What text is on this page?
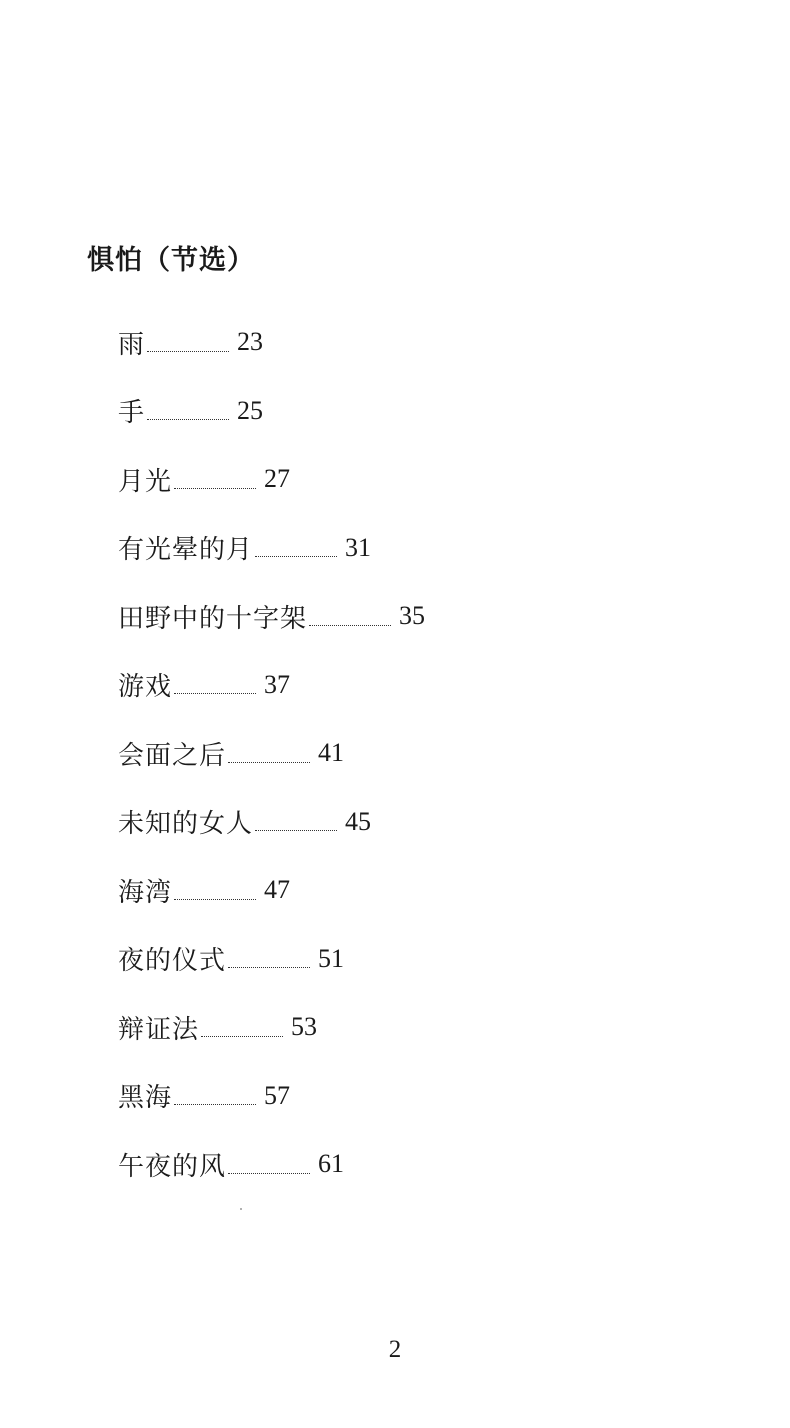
惧怕（节选）
雨	23
手	25
月光	27
有光晕的月	31
田野中的十字架	35
游戏	37
会面之后	41
未知的女人	45
海湾	47
夜的仪式	51
辩证法	53
黑海	57
午夜的风	61
2
